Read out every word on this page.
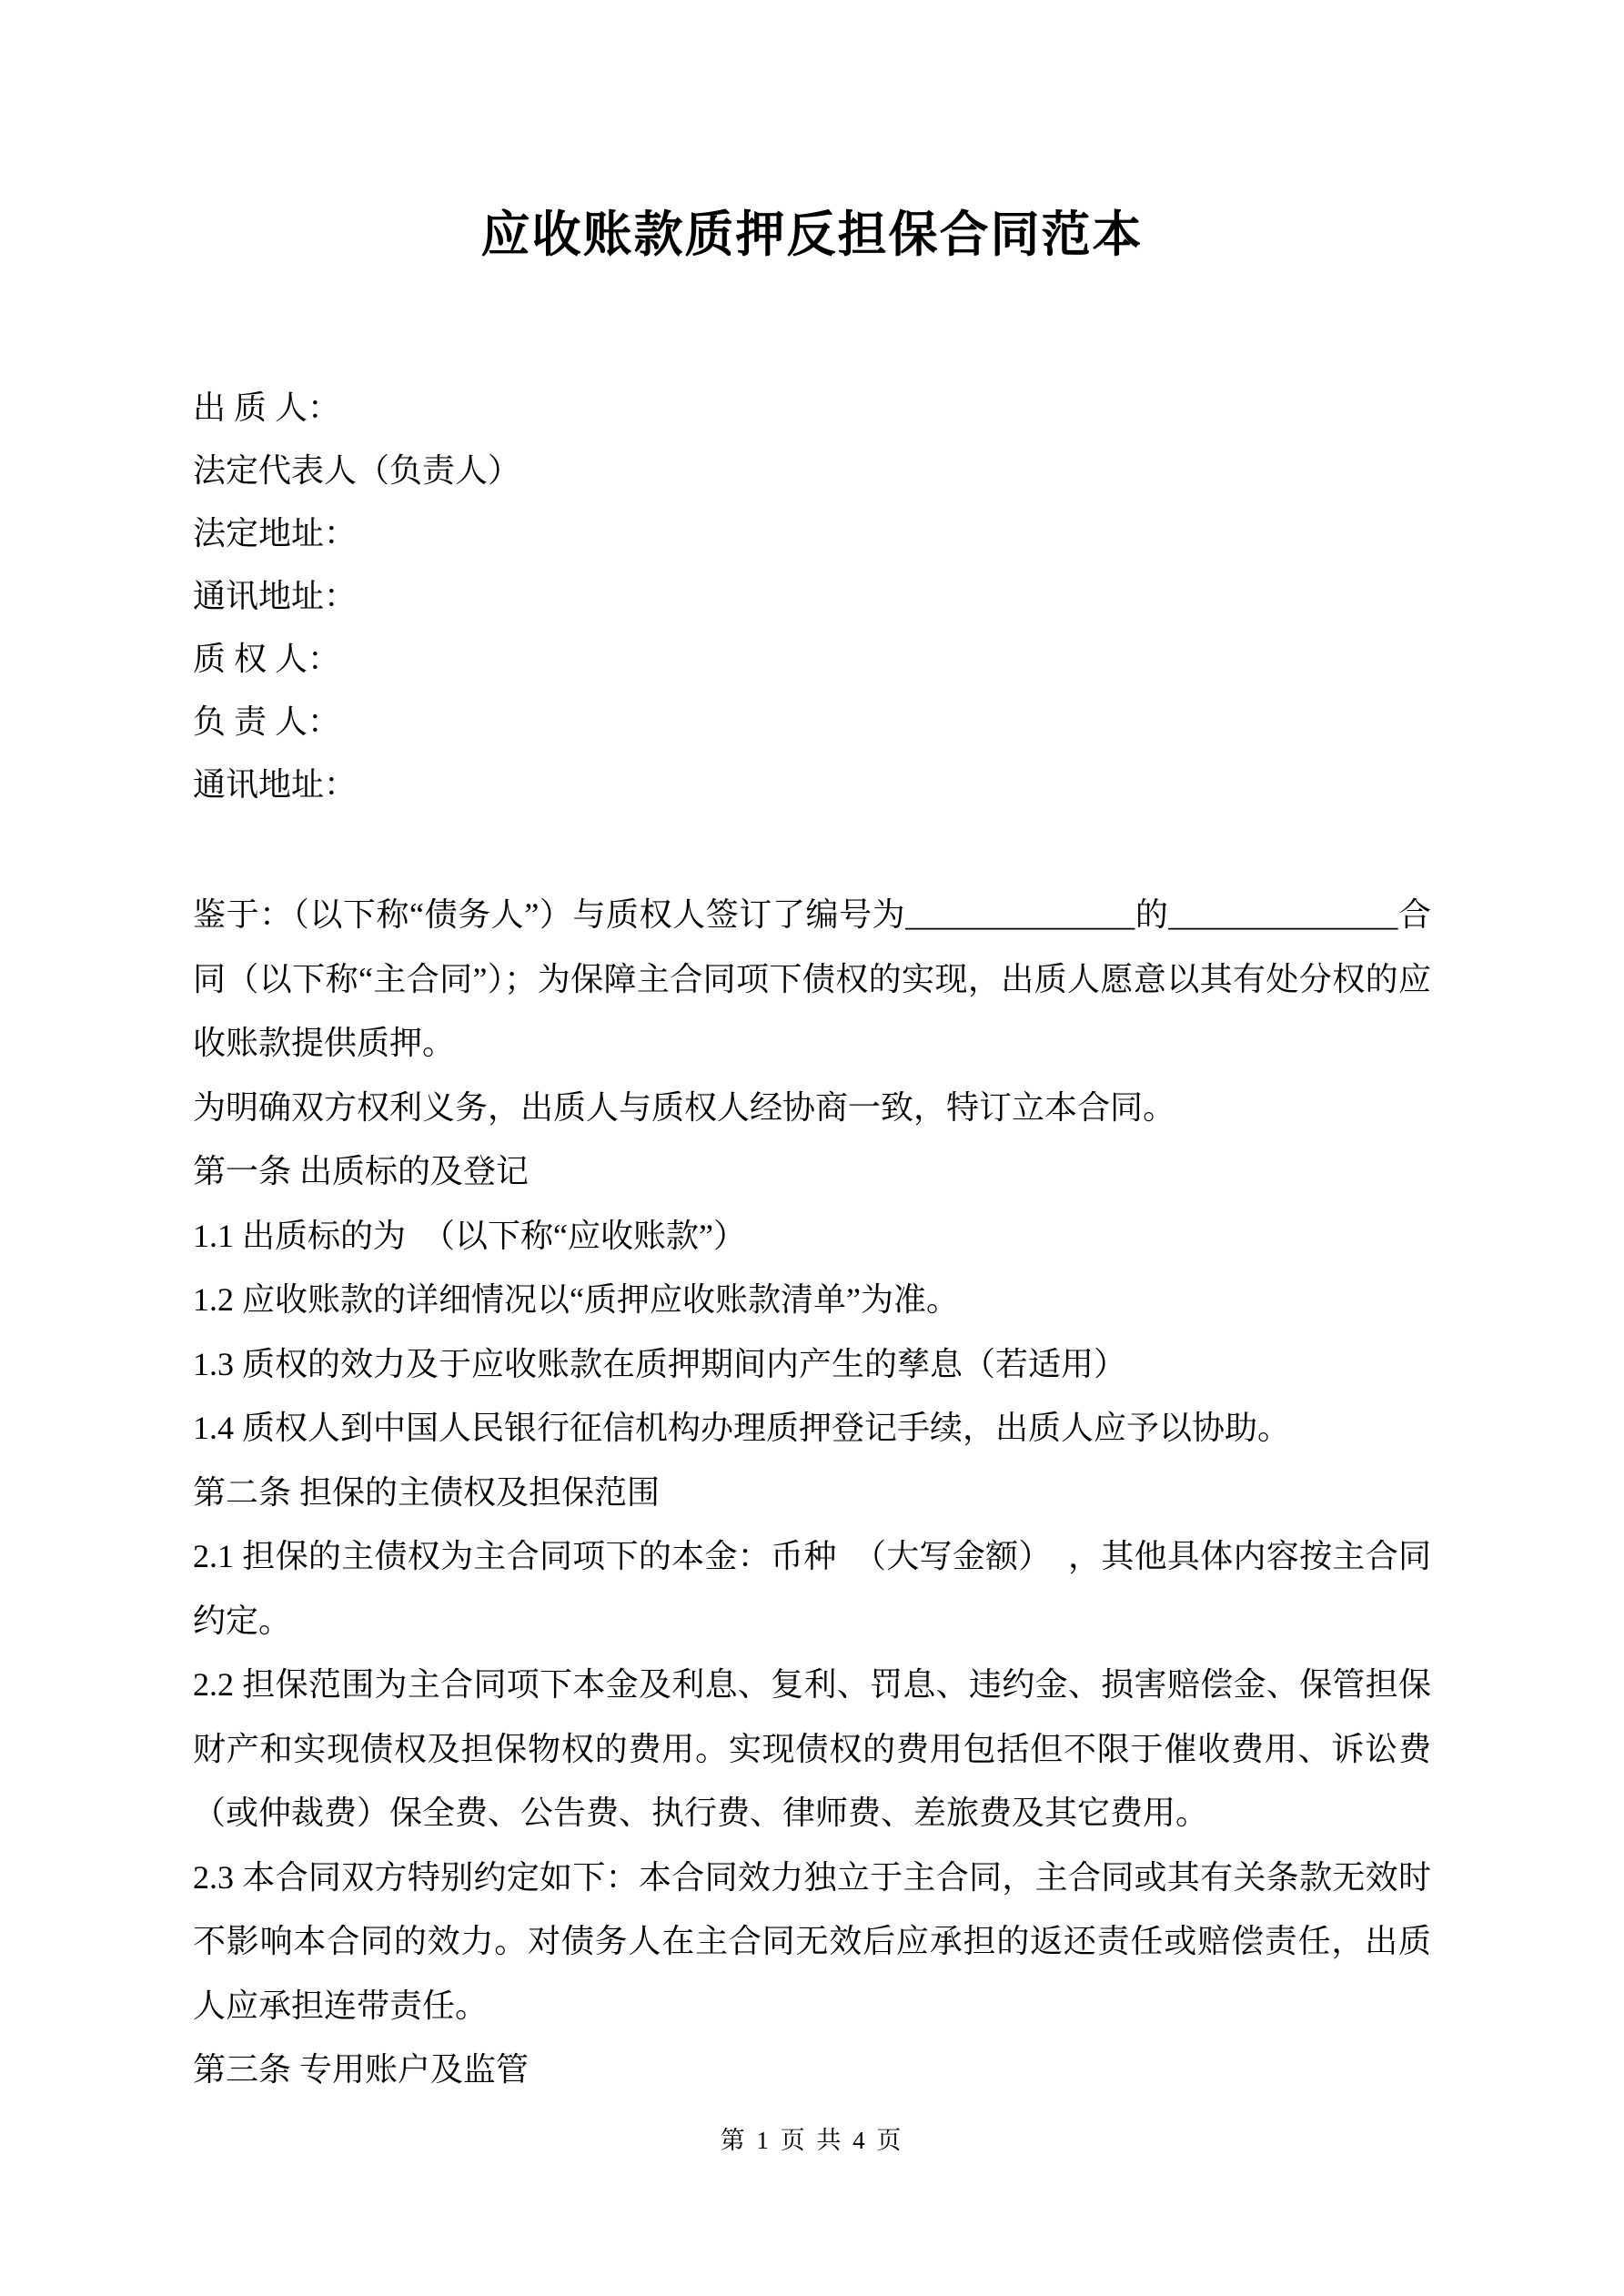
应收账款质押反担保合同范本

出 质 人：

法定代表人（负责人）

法定地址：

通讯地址：

质 权 人：

负 责 人：

通讯地址：

鉴于：（以下称“债务人”）与质权人签订了编号为______________的______________合同（以下称“主合同”）；为保障主合同项下债权的实现，出质人愿意以其有处分权的应收账款提供质押。

为明确双方权利义务，出质人与质权人经协商一致，特订立本合同。

第一条 出质标的及登记

1.1 出质标的为　（以下称“应收账款”）

1.2 应收账款的详细情况以“质押应收账款清单”为准。

1.3 质权的效力及于应收账款在质押期间内产生的孳息（若适用）

1.4 质权人到中国人民银行征信机构办理质押登记手续，出质人应予以协助。

第二条 担保的主债权及担保范围

2.1 担保的主债权为主合同项下的本金：币种　（大写金额）　，其他具体内容按主合同约定。

2.2 担保范围为主合同项下本金及利息、复利、罚息、违约金、损害赔偿金、保管担保财产和实现债权及担保物权的费用。实现债权的费用包括但不限于催收费用、诉讼费（或仲裁费）保全费、公告费、执行费、律师费、差旅费及其它费用。

2.3 本合同双方特别约定如下：本合同效力独立于主合同，主合同或其有关条款无效时不影响本合同的效力。对债务人在主合同无效后应承担的返还责任或赔偿责任，出质人应承担连带责任。

第三条 专用账户及监管

第 1 页 共 4 页
